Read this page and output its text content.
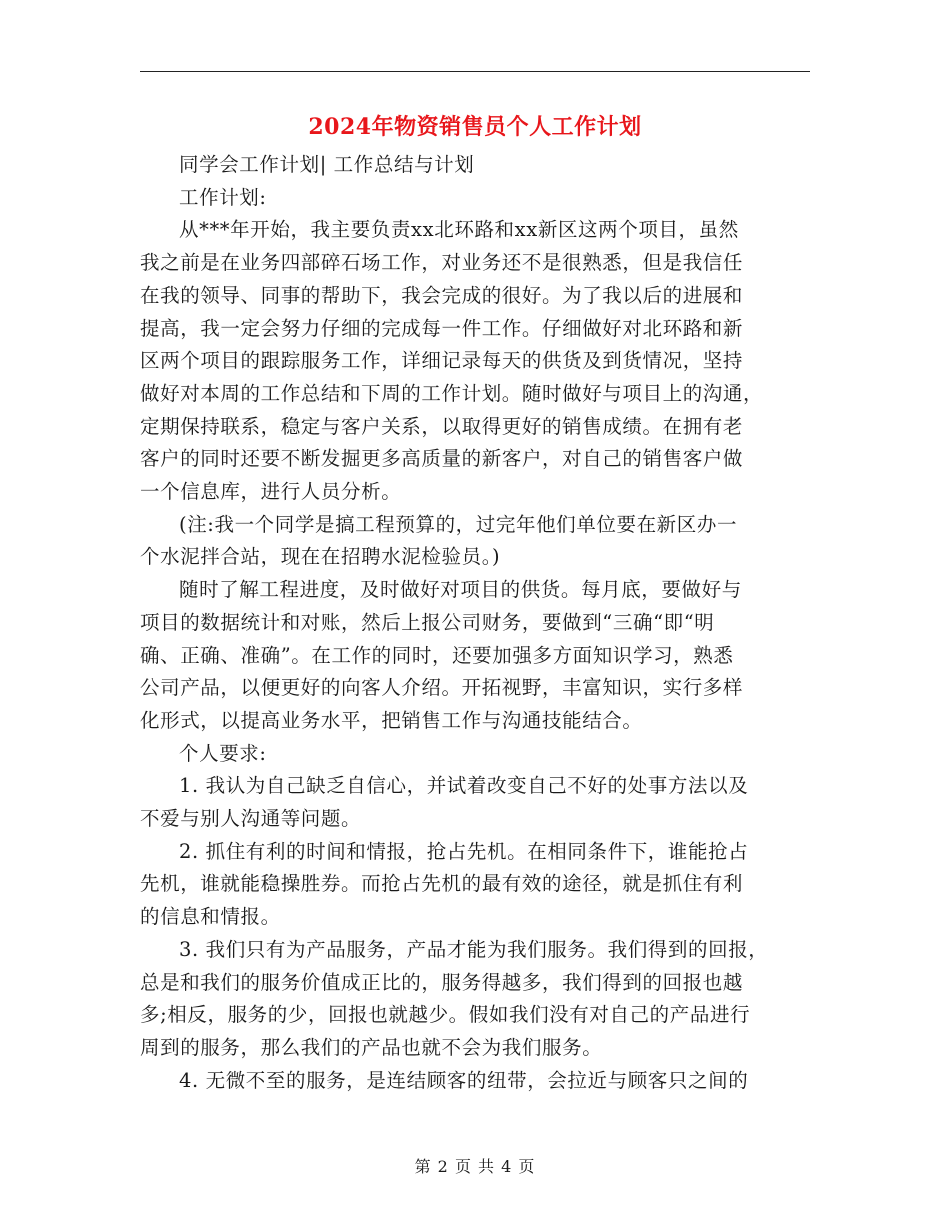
2024年物资销售员个人工作计划

同学会工作计划| 工作总结与计划

工作计划:

从***年开始，我主要负责xx北环路和xx新区这两个项目，虽然
我之前是在业务四部碎石场工作，对业务还不是很熟悉，但是我信任
在我的领导、同事的帮助下，我会完成的很好。为了我以后的进展和
提高，我一定会努力仔细的完成每一件工作。仔细做好对北环路和新
区两个项目的跟踪服务工作，详细记录每天的供货及到货情况，坚持
做好对本周的工作总结和下周的工作计划。随时做好与项目上的沟通，
定期保持联系，稳定与客户关系，以取得更好的销售成绩。在拥有老
客户的同时还要不断发掘更多高质量的新客户，对自己的销售客户做
一个信息库，进行人员分析。

(注:我一个同学是搞工程预算的，过完年他们单位要在新区办一
个水泥拌合站，现在在招聘水泥检验员。)

随时了解工程进度，及时做好对项目的供货。每月底，要做好与
项目的数据统计和对账，然后上报公司财务，要做到“三确“即“明
确、正确、准确”。在工作的同时，还要加强多方面知识学习，熟悉
公司产品，以便更好的向客人介绍。开拓视野，丰富知识，实行多样
化形式，以提高业务水平，把销售工作与沟通技能结合。

个人要求:

1. 我认为自己缺乏自信心，并试着改变自己不好的处事方法以及
不爱与别人沟通等问题。

2. 抓住有利的时间和情报，抢占先机。在相同条件下，谁能抢占
先机，谁就能稳操胜券。而抢占先机的最有效的途径，就是抓住有利
的信息和情报。

3. 我们只有为产品服务，产品才能为我们服务。我们得到的回报，
总是和我们的服务价值成正比的，服务得越多，我们得到的回报也越
多;相反，服务的少，回报也就越少。假如我们没有对自己的产品进行
周到的服务，那么我们的产品也就不会为我们服务。

4. 无微不至的服务，是连结顾客的纽带，会拉近与顾客只之间的

第 2 页 共 4 页
